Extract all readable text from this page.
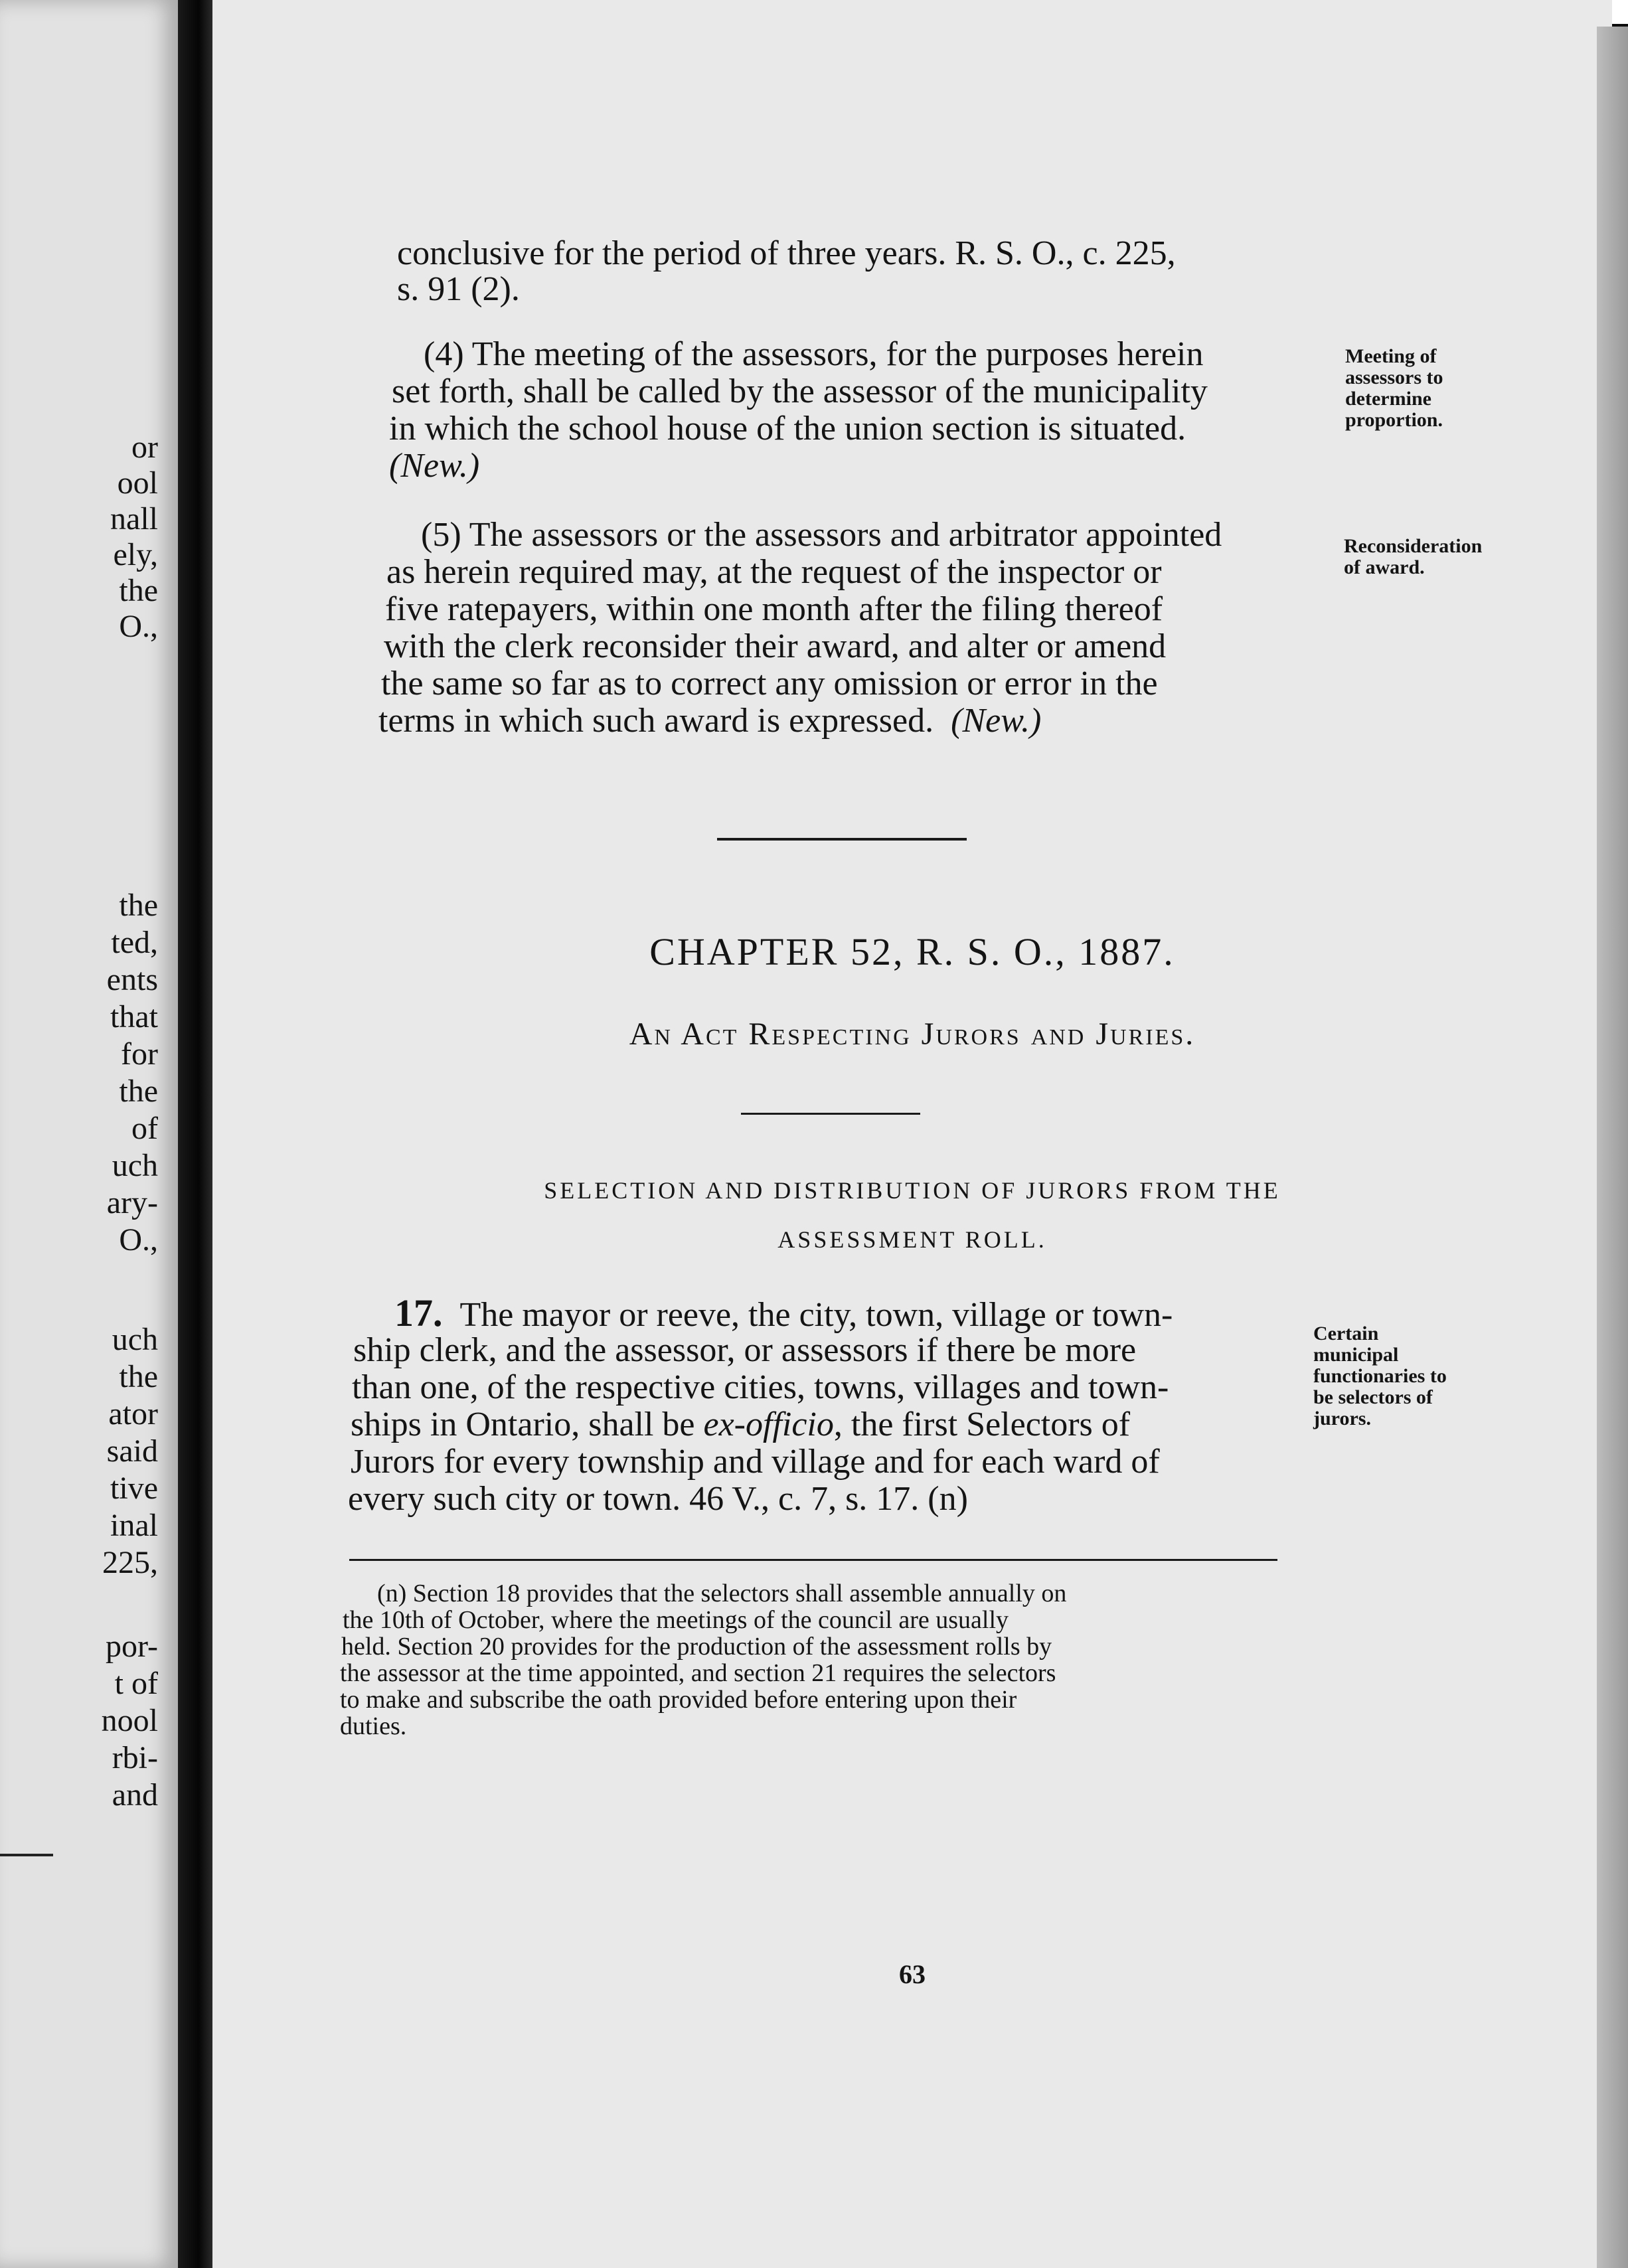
or
ool
nall
ely,
the
O.,
the
ted,
ents
that
for
the
of
uch
ary-
O.,
uch
the
ator
said
tive
inal
225,
por-
t of
nool
rbi-
and
conclusive for the period of three years. R. S. O., c. 225,
s. 91 (2).
(4) The meeting of the assessors, for the purposes herein
set forth, shall be called by the assessor of the municipality
in which the school house of the union section is situated.
(New.)
Meeting of
assessors to
determine
proportion.
(5) The assessors or the assessors and arbitrator appointed
as herein required may, at the request of the inspector or
five ratepayers, within one month after the filing thereof
with the clerk reconsider their award, and alter or amend
the same so far as to correct any omission or error in the
terms in which such award is expressed. (New.)
Reconsideration
of award.
CHAPTER 52, R. S. O., 1887.
An Act Respecting Jurors and Juries.
SELECTION AND DISTRIBUTION OF JURORS FROM THE
ASSESSMENT ROLL.
17. The mayor or reeve, the city, town, village or town-
ship clerk, and the assessor, or assessors if there be more
than one, of the respective cities, towns, villages and town-
ships in Ontario, shall be ex-officio, the first Selectors of
Jurors for every township and village and for each ward of
every such city or town. 46 V., c. 7, s. 17. (n)
Certain
municipal
functionaries to
be selectors of
jurors.
(n) Section 18 provides that the selectors shall assemble annually on
the 10th of October, where the meetings of the council are usually
held. Section 20 provides for the production of the assessment rolls by
the assessor at the time appointed, and section 21 requires the selectors
to make and subscribe the oath provided before entering upon their
duties.
63
